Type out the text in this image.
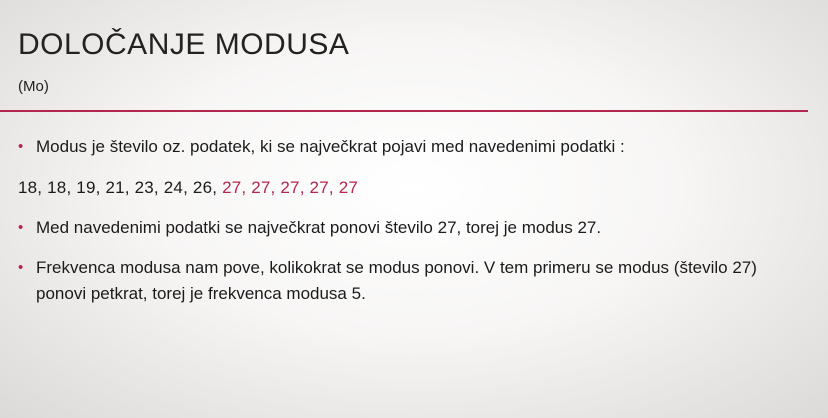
DOLOČANJE MODUSA
(Mo)

• Modus je število oz. podatek, ki se največkrat pojavi med navedenimi podatki :

18, 18, 19, 21, 23, 24, 26, 27, 27, 27, 27, 27

• Med navedenimi podatki se največkrat ponovi število 27, torej je modus 27.

• Frekvenca modusa nam pove, kolikokrat se modus ponovi. V tem primeru se modus (število 27) ponovi petkrat, torej je frekvenca modusa 5.
